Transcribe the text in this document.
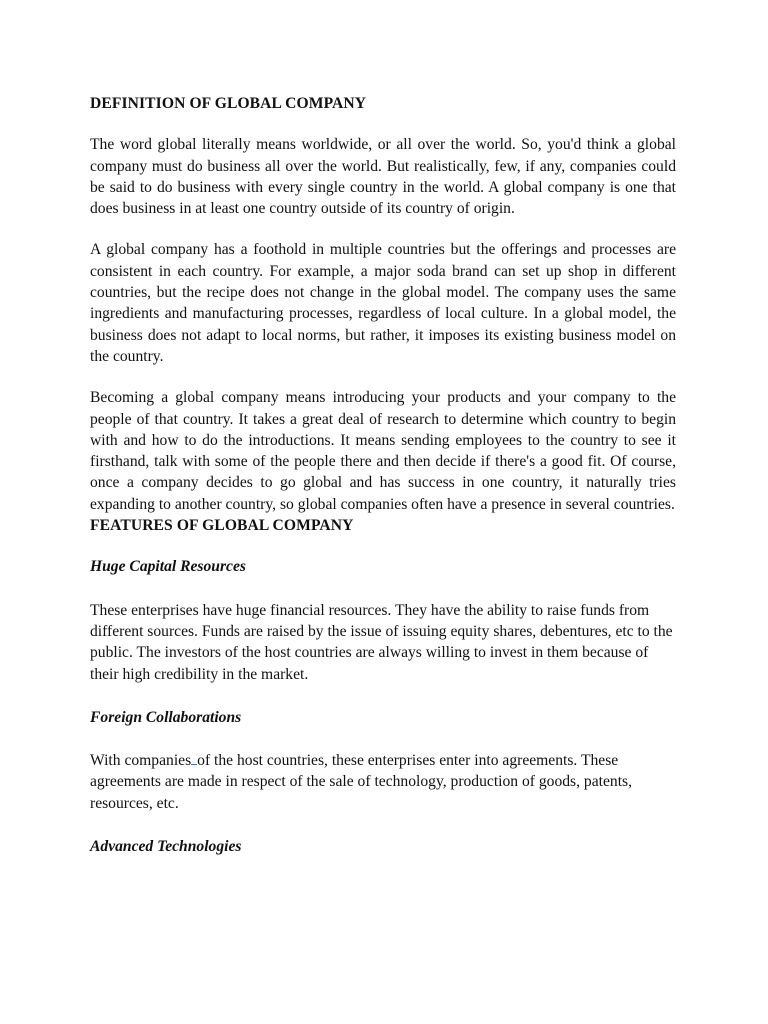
DEFINITION OF GLOBAL COMPANY

The word global literally means worldwide, or all over the world. So, you'd think a global company must do business all over the world. But realistically, few, if any, companies could be said to do business with every single country in the world. A global company is one that does business in at least one country outside of its country of origin.

A global company has a foothold in multiple countries but the offerings and processes are consistent in each country. For example, a major soda brand can set up shop in different countries, but the recipe does not change in the global model. The company uses the same ingredients and manufacturing processes, regardless of local culture. In a global model, the business does not adapt to local norms, but rather, it imposes its existing business model on the country.

Becoming a global company means introducing your products and your company to the people of that country. It takes a great deal of research to determine which country to begin with and how to do the introductions. It means sending employees to the country to see it firsthand, talk with some of the people there and then decide if there's a good fit. Of course, once a company decides to go global and has success in one country, it naturally tries expanding to another country, so global companies often have a presence in several countries.

FEATURES OF GLOBAL COMPANY

Huge Capital Resources

These enterprises have huge financial resources. They have the ability to raise funds from different sources. Funds are raised by the issue of issuing equity shares, debentures, etc to the public. The investors of the host countries are always willing to invest in them because of their high credibility in the market.

Foreign Collaborations

With companies of the host countries, these enterprises enter into agreements. These agreements are made in respect of the sale of technology, production of goods, patents, resources, etc.

Advanced Technologies
